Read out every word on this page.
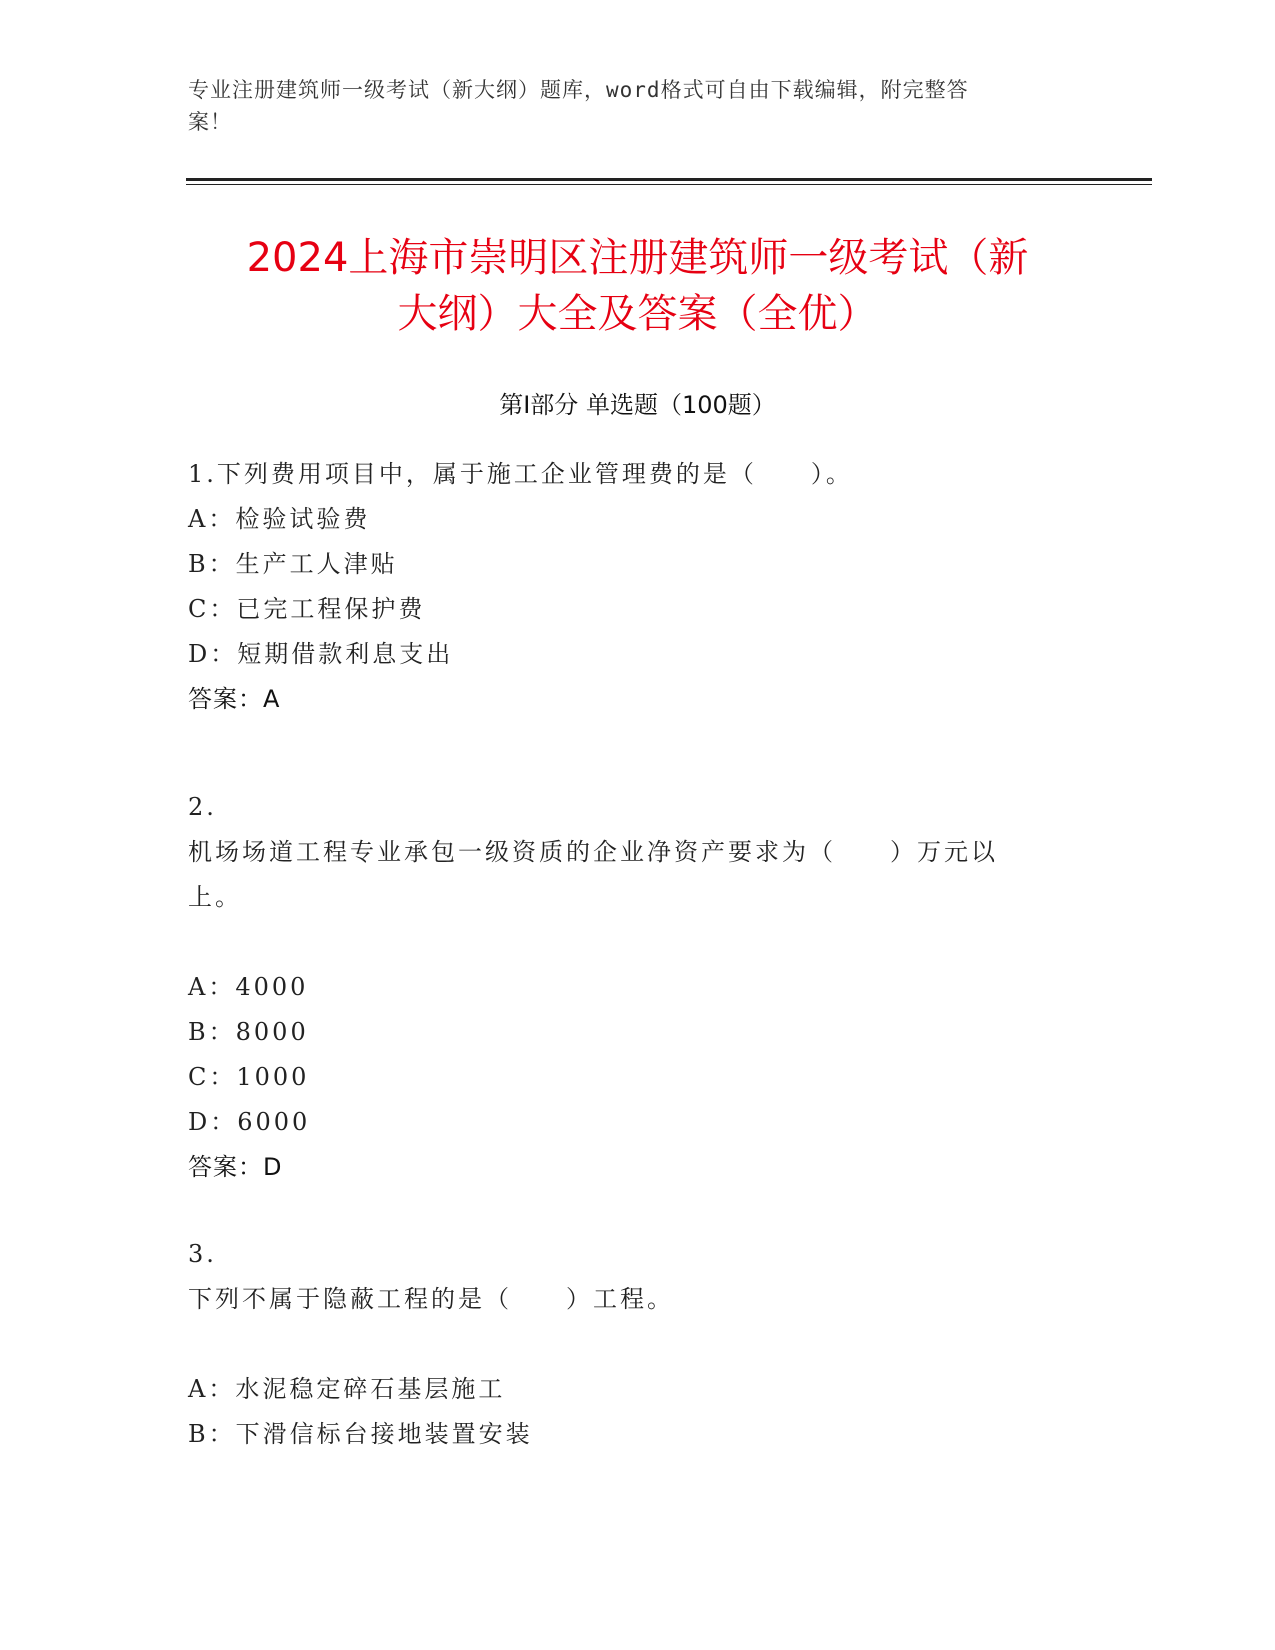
专业注册建筑师一级考试（新大纲）题库，word格式可自由下载编辑，附完整答
案！
2024上海市崇明区注册建筑师一级考试（新
大纲）大全及答案（全优）
第Ⅰ部分 单选题（100题）
1.下列费用项目中，属于施工企业管理费的是（　　）。
A：检验试验费
B：生产工人津贴
C：已完工程保护费
D：短期借款利息支出
答案：A
2.
机场场道工程专业承包一级资质的企业净资产要求为（　　）万元以
上。
A：4000
B：8000
C：1000
D：6000
答案：D
3.
下列不属于隐蔽工程的是（　　）工程。
A：水泥稳定碎石基层施工
B：下滑信标台接地装置安装
